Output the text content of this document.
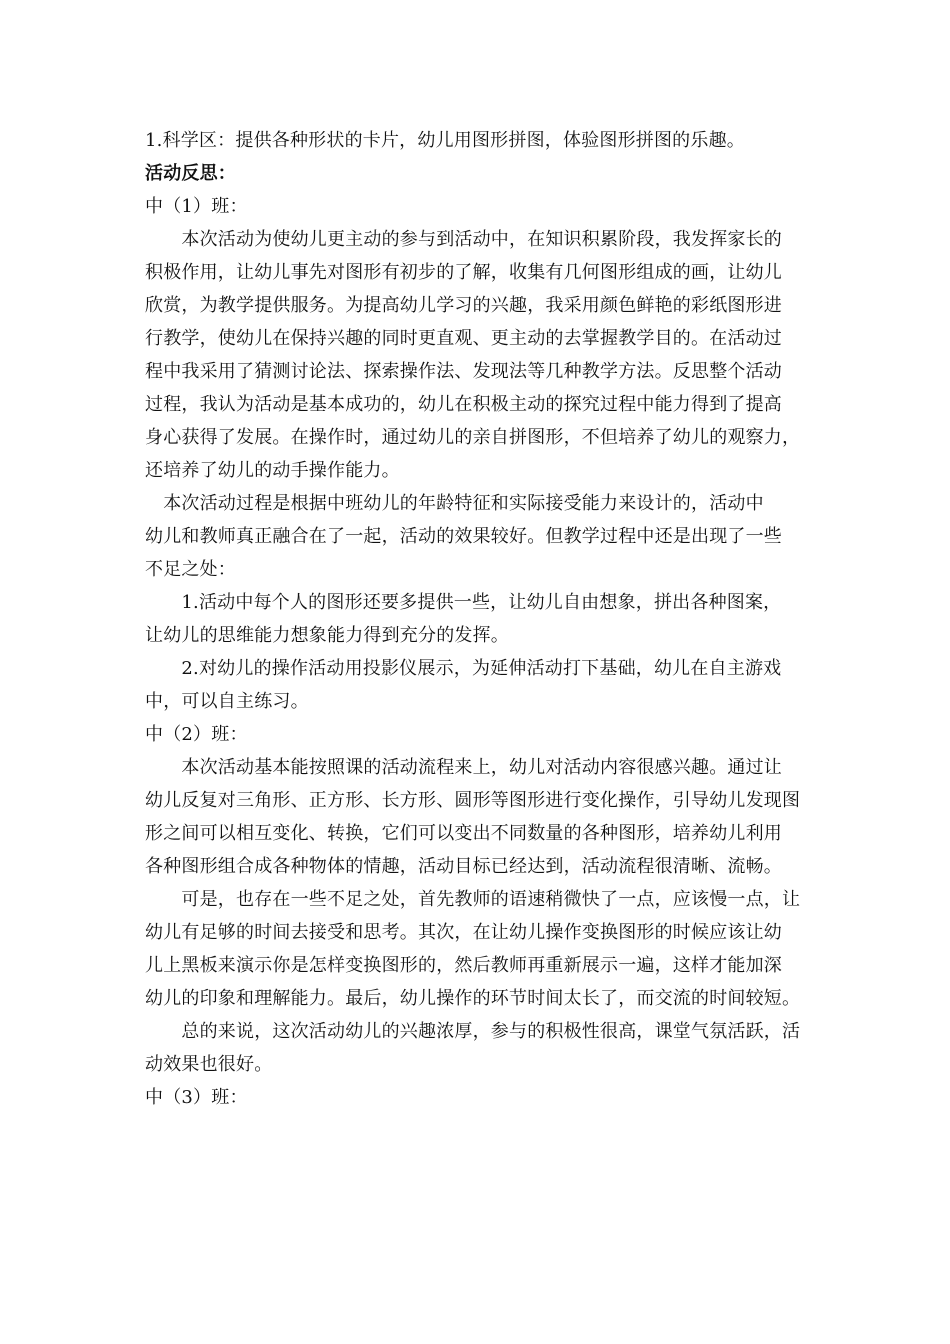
1.科学区：提供各种形状的卡片，幼儿用图形拼图，体验图形拼图的乐趣。

活动反思：

中（1）班：

　　本次活动为使幼儿更主动的参与到活动中，在知识积累阶段，我发挥家长的

积极作用，让幼儿事先对图形有初步的了解，收集有几何图形组成的画，让幼儿

欣赏，为教学提供服务。为提高幼儿学习的兴趣，我采用颜色鲜艳的彩纸图形进

行教学，使幼儿在保持兴趣的同时更直观、更主动的去掌握教学目的。在活动过

程中我采用了猜测讨论法、探索操作法、发现法等几种教学方法。反思整个活动

过程，我认为活动是基本成功的，幼儿在积极主动的探究过程中能力得到了提高

身心获得了发展。在操作时，通过幼儿的亲自拼图形，不但培养了幼儿的观察力，

还培养了幼儿的动手操作能力。

　本次活动过程是根据中班幼儿的年龄特征和实际接受能力来设计的，活动中

幼儿和教师真正融合在了一起，活动的效果较好。但教学过程中还是出现了一些

不足之处：

　　1.活动中每个人的图形还要多提供一些，让幼儿自由想象，拼出各种图案，

让幼儿的思维能力想象能力得到充分的发挥。

　　2.对幼儿的操作活动用投影仪展示，为延伸活动打下基础，幼儿在自主游戏

中，可以自主练习。

中（2）班：

　　本次活动基本能按照课的活动流程来上，幼儿对活动内容很感兴趣。通过让

幼儿反复对三角形、正方形、长方形、圆形等图形进行变化操作，引导幼儿发现图

形之间可以相互变化、转换，它们可以变出不同数量的各种图形，培养幼儿利用

各种图形组合成各种物体的情趣，活动目标已经达到，活动流程很清晰、流畅。

　　可是，也存在一些不足之处，首先教师的语速稍微快了一点，应该慢一点，让

幼儿有足够的时间去接受和思考。其次，在让幼儿操作变换图形的时候应该让幼

儿上黑板来演示你是怎样变换图形的，然后教师再重新展示一遍，这样才能加深

幼儿的印象和理解能力。最后，幼儿操作的环节时间太长了，而交流的时间较短。

　　总的来说，这次活动幼儿的兴趣浓厚，参与的积极性很高，课堂气氛活跃，活

动效果也很好。

中（3）班：
